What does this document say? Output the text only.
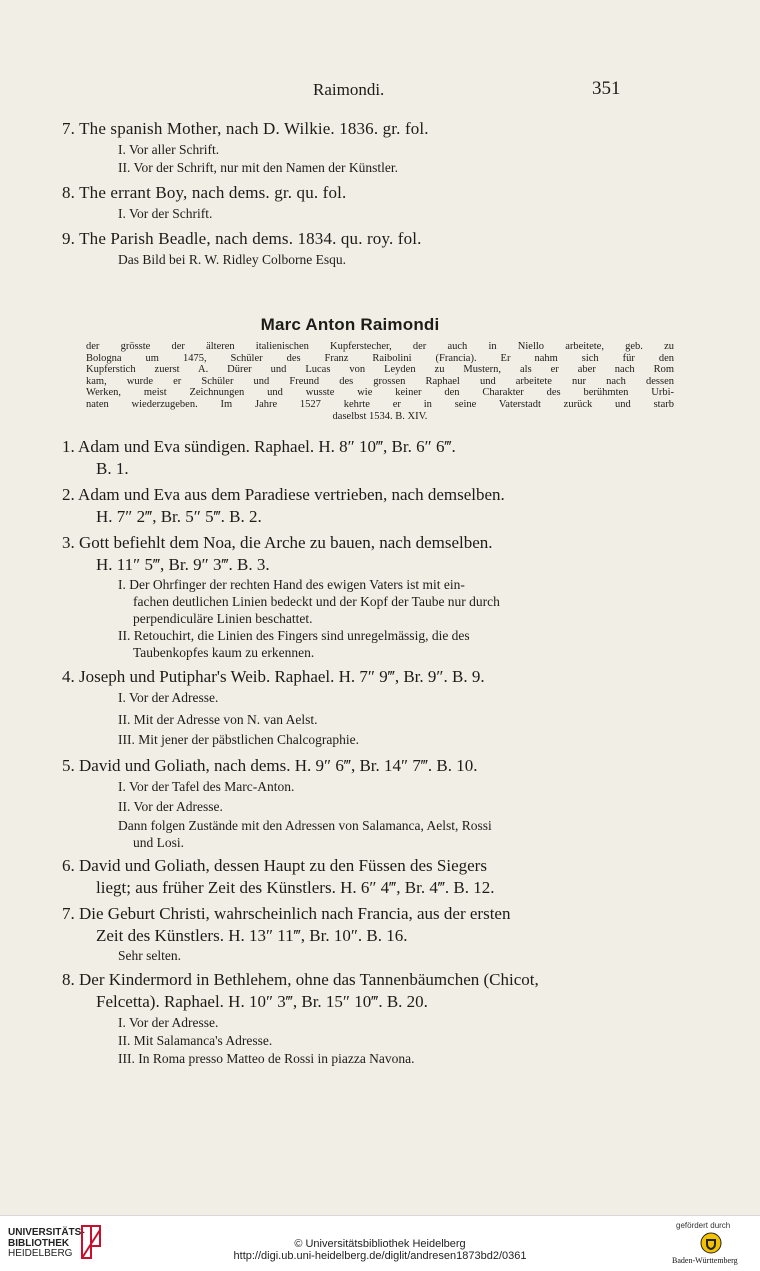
Raimondi.	351
7. The spanish Mother, nach D. Wilkie. 1836. gr. fol.
I. Vor aller Schrift.
II. Vor der Schrift, nur mit den Namen der Künstler.
8. The errant Boy, nach dems. gr. qu. fol.
I. Vor der Schrift.
9. The Parish Beadle, nach dems. 1834. qu. roy. fol.
Das Bild bei R. W. Ridley Colborne Esqu.
Marc Anton Raimondi
der grösste der älteren italienischen Kupferstecher, der auch in Niello arbeitete, geb. zu
Bologna um 1475, Schüler des Franz Raibolini (Francia). Er nahm sich für den
Kupferstich zuerst A. Dürer und Lucas von Leyden zu Mustern, als er aber nach Rom
kam, wurde er Schüler und Freund des grossen Raphael und arbeitete nur nach dessen
Werken, meist Zeichnungen und wusste wie keiner den Charakter des berühmten Urbi-
naten wiederzugeben. Im Jahre 1527 kehrte er in seine Vaterstadt zurück und starb
daselbst 1534. B. XIV.
1. Adam und Eva sündigen. Raphael. H. 8″ 10‴, Br. 6″ 6‴.
B. 1.
2. Adam und Eva aus dem Paradiese vertrieben, nach demselben.
H. 7″ 2‴, Br. 5″ 5‴. B. 2.
3. Gott befiehlt dem Noa, die Arche zu bauen, nach demselben.
H. 11″ 5‴, Br. 9″ 3‴. B. 3.
I. Der Ohrfinger der rechten Hand des ewigen Vaters ist mit ein-
fachen deutlichen Linien bedeckt und der Kopf der Taube nur durch
perpendiculäre Linien beschattet.
II. Retouchirt, die Linien des Fingers sind unregelmässig, die des
Taubenkopfes kaum zu erkennen.
4. Joseph und Putiphar's Weib. Raphael. H. 7″ 9‴, Br. 9″. B. 9.
I. Vor der Adresse.
II. Mit der Adresse von N. van Aelst.
III. Mit jener der päbstlichen Chalcographie.
5. David und Goliath, nach dems. H. 9″ 6‴, Br. 14″ 7‴. B. 10.
I. Vor der Tafel des Marc-Anton.
II. Vor der Adresse.
Dann folgen Zustände mit den Adressen von Salamanca, Aelst, Rossi
und Losi.
6. David und Goliath, dessen Haupt zu den Füssen des Siegers
liegt; aus früher Zeit des Künstlers. H. 6″ 4‴, Br. 4‴. B. 12.
7. Die Geburt Christi, wahrscheinlich nach Francia, aus der ersten
Zeit des Künstlers. H. 13″ 11‴, Br. 10″. B. 16.
Sehr selten.
8. Der Kindermord in Bethlehem, ohne das Tannenbäumchen (Chicot,
Felcetta). Raphael. H. 10″ 3‴, Br. 15″ 10‴. B. 20.
I. Vor der Adresse.
II. Mit Salamanca's Adresse.
III. In Roma presso Matteo de Rossi in piazza Navona.
UNIVERSITÄTS-
BIBLIOTHEK
HEIDELBERG
© Universitätsbibliothek Heidelberg
http://digi.ub.uni-heidelberg.de/diglit/andresen1873bd2/0361
gefördert durch
Baden-Württemberg
